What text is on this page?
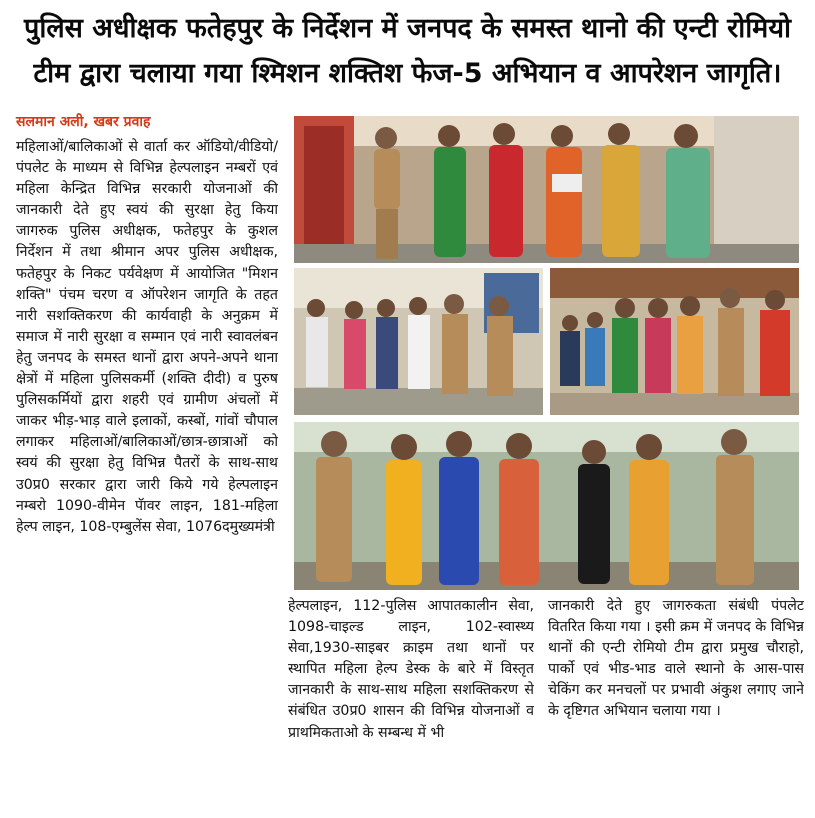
पुलिस अधीक्षक फतेहपुर के निर्देशन में जनपद के समस्त थानो की एन्टी रोमियो
टीम द्वारा चलाया गया श्मिशन शक्तिश फेज-5 अभियान व आपरेशन जागृति।
सलमान अली, खबर प्रवाह
महिलाओं/बालिकाओं से वार्ता कर ऑडियो/वीडियो/पंपलेट के माध्यम से विभिन्न हेल्पलाइन नम्बरों एवं महिला केन्द्रित विभिन्न सरकारी योजनाओं की जानकारी देते हुए स्वयं की सुरक्षा हेतु किया जागरुक पुलिस अधीक्षक, फतेहपुर के कुशल निर्देशन में तथा श्रीमान अपर पुलिस अधीक्षक, फतेहपुर के निकट पर्यवेक्षण में आयोजित "मिशन शक्ति" पंचम चरण व ऑपरेशन जागृति के तहत नारी सशक्तिकरण की कार्यवाही के अनुक्रम में समाज में नारी सुरक्षा व सम्मान एवं नारी स्वावलंबन हेतु जनपद के समस्त थानों द्वारा अपने-अपने थाना क्षेत्रों में महिला पुलिसकर्मी (शक्ति दीदी) व पुरुष पुलिसकर्मियों द्वारा शहरी एवं ग्रामीण अंचलों में जाकर भीड़-भाड़ वाले इलाकों, कस्बों, गांवों चौपाल लगाकर महिलाओं/बालिकाओं/छात्र-छात्राओं को स्वयं की सुरक्षा हेतु विभिन्न पैतरों के साथ-साथ उ0प्र0 सरकार द्वारा जारी किये गये हेल्पलाइन नम्बरो 1090-वीमेन पॅावर लाइन, 181-महिला हेल्प लाइन, 108-एम्बुलेंस सेवा, 1076दमुख्यमंत्री
हेल्पलाइन, 112-पुलिस आपातकालीन सेवा, 1098-चाइल्ड लाइन, 102-स्वास्थ्य सेवा,1930-साइबर क्राइम तथा थानों पर स्थापित महिला हेल्प डेस्क के बारे में विस्तृत जानकारी के साथ-साथ महिला सशक्तिकरण से संबंधित उ0प्र0 शासन की विभिन्न योजनाओं व प्राथमिकताओ के सम्बन्ध में भी
जानकारी देते हुए जागरुकता संबंधी पंपलेट वितरित किया गया । इसी क्रम में जनपद के विभिन्न थानों की एन्टी रोमियो टीम द्वारा प्रमुख चौराहो, पार्को एवं भीड-भाड वाले स्थानो के आस-पास चेकिंग कर मनचलों पर प्रभावी अंकुश लगाए जाने के दृष्टिगत अभियान चलाया गया ।
